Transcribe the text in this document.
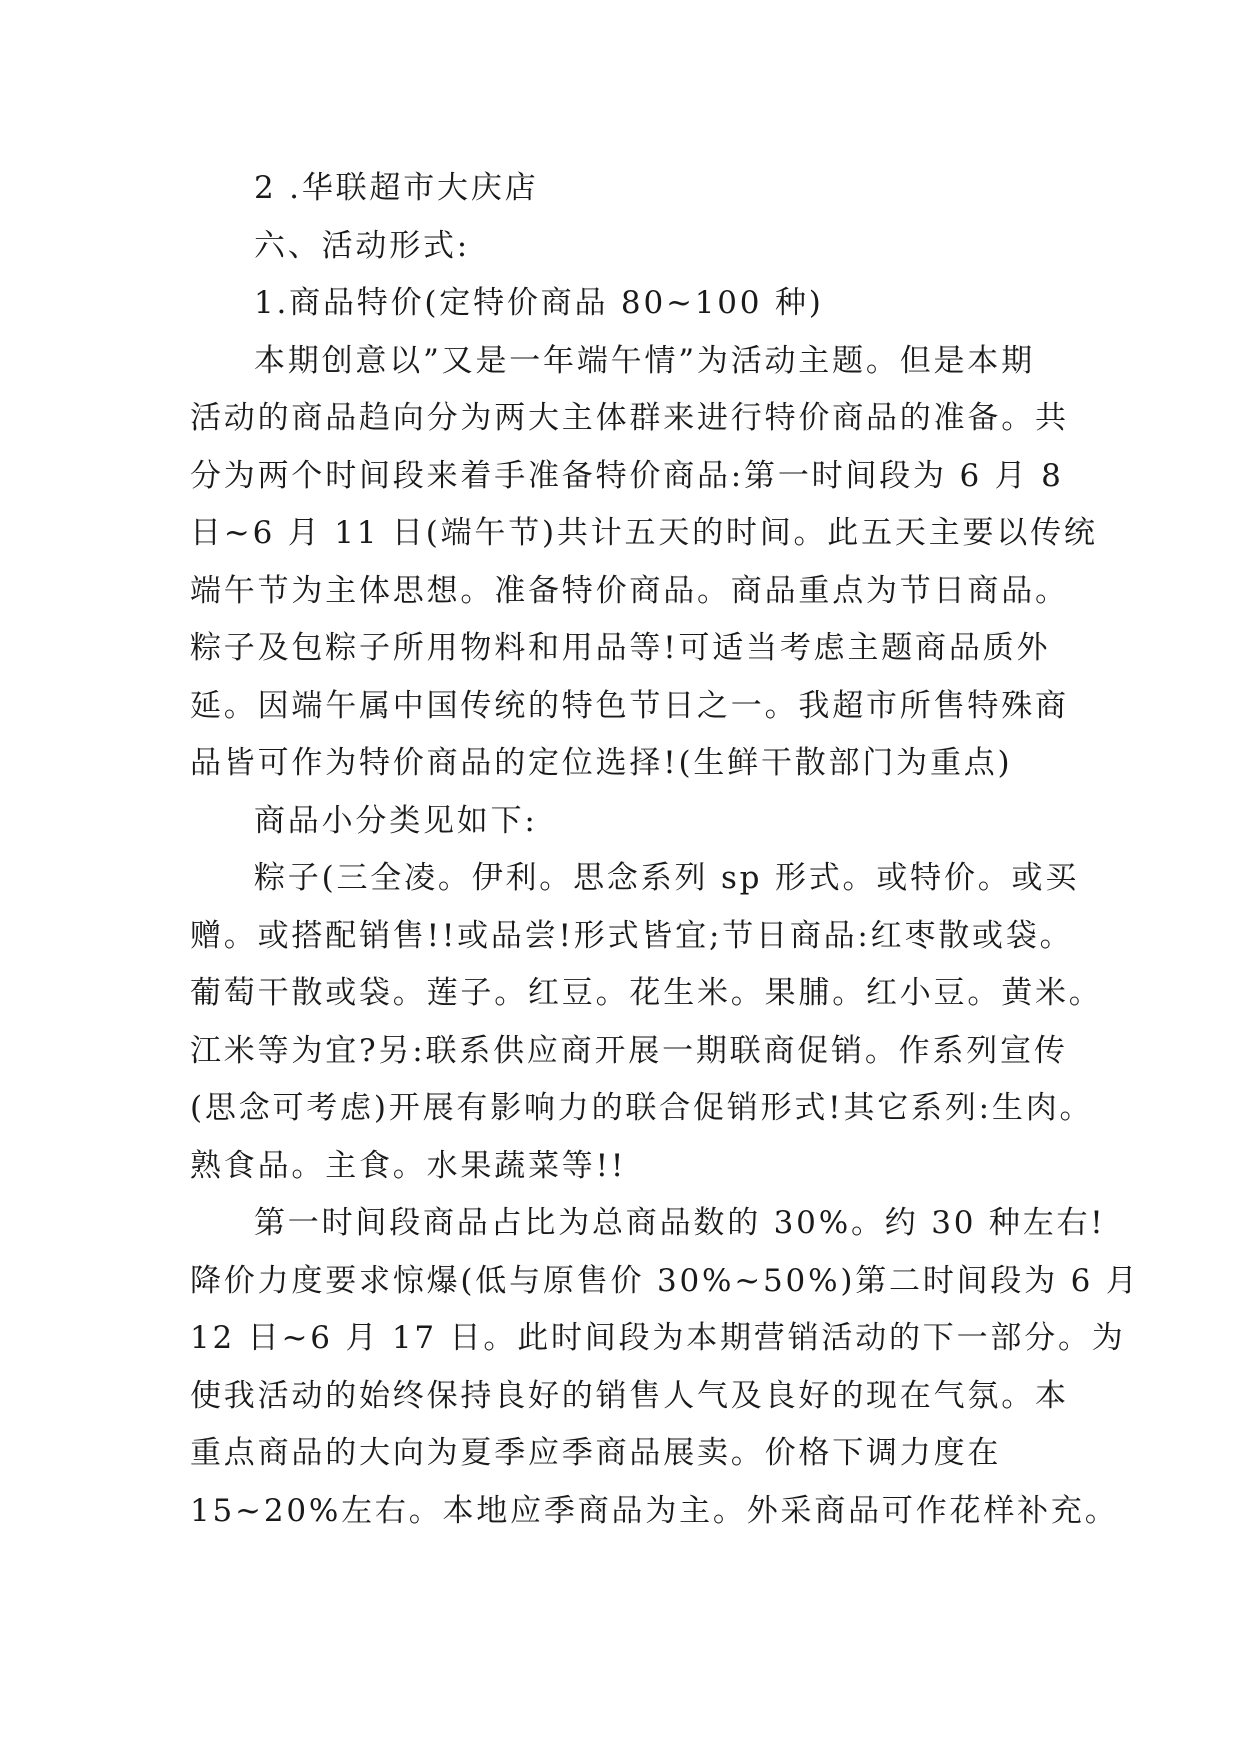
2 .华联超市大庆店
六、活动形式:
1.商品特价(定特价商品 80~100 种)
本期创意以”又是一年端午情”为活动主题。但是本期
活动的商品趋向分为两大主体群来进行特价商品的准备。共
分为两个时间段来着手准备特价商品:第一时间段为 6 月 8
日~6 月 11 日(端午节)共计五天的时间。此五天主要以传统
端午节为主体思想。准备特价商品。商品重点为节日商品。
粽子及包粽子所用物料和用品等!可适当考虑主题商品质外
延。因端午属中国传统的特色节日之一。我超市所售特殊商
品皆可作为特价商品的定位选择!(生鲜干散部门为重点)
商品小分类见如下:
粽子(三全凌。伊利。思念系列 sp 形式。或特价。或买
赠。或搭配销售!!或品尝!形式皆宜;节日商品:红枣散或袋。
葡萄干散或袋。莲子。红豆。花生米。果脯。红小豆。黄米。
江米等为宜?另:联系供应商开展一期联商促销。作系列宣传
(思念可考虑)开展有影响力的联合促销形式!其它系列:生肉。
熟食品。主食。水果蔬菜等!!
第一时间段商品占比为总商品数的 30%。约 30 种左右!
降价力度要求惊爆(低与原售价 30%~50%)第二时间段为 6 月
12 日~6 月 17 日。此时间段为本期营销活动的下一部分。为
使我活动的始终保持良好的销售人气及良好的现在气氛。本
重点商品的大向为夏季应季商品展卖。价格下调力度在
15~20%左右。本地应季商品为主。外采商品可作花样补充。
